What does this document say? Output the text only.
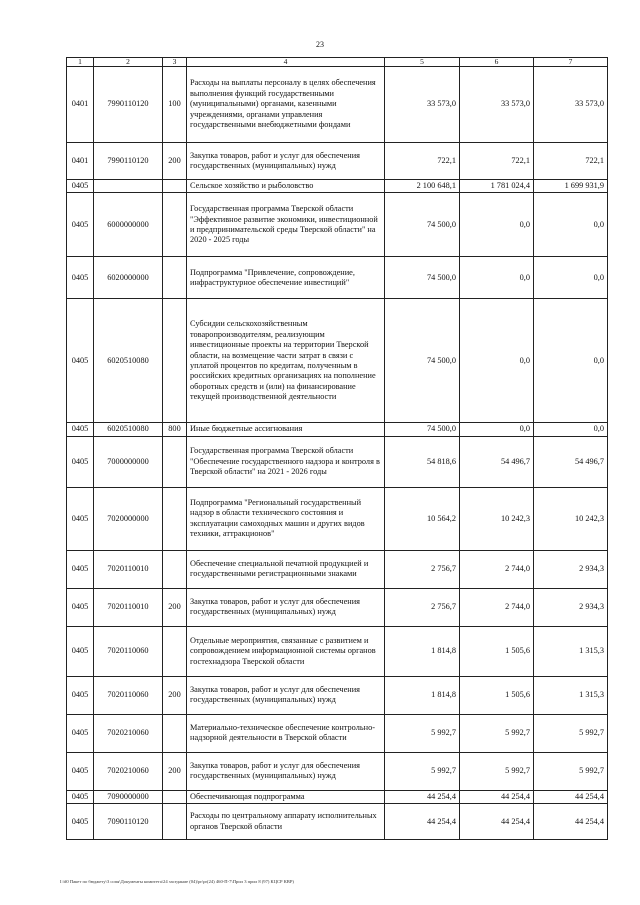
23
1	2	3	4	5	6	7
0401	7990110120	100	Расходы на выплаты персоналу в целях обеспечения выполнения функций государственными (муниципальными) органами, казенными учреждениями, органами управления государственными внебюджетными фондами	33 573,0	33 573,0	33 573,0
0401	7990110120	200	Закупка товаров, работ и услуг для обеспечения государственных (муниципальных) нужд	722,1	722,1	722,1
0405			Сельское хозяйство и рыболовство	2 100 648,1	1 781 024,4	1 699 931,9
0405	6000000000		Государственная программа Тверской области "Эффективное развитие экономики, инвестиционной и предпринимательской среды Тверской области" на 2020 - 2025 годы	74 500,0	0,0	0,0
0405	6020000000		Подпрограмма "Привлечение, сопровождение, инфраструктурное обеспечение инвестиций"	74 500,0	0,0	0,0
0405	6020510080		Субсидии сельскохозяйственным товаропроизводителям, реализующим инвестиционные проекты на территории Тверской области, на возмещение части затрат в связи с уплатой процентов по кредитам, полученным в российских кредитных организациях на пополнение оборотных средств и (или) на финансирование текущей производственной деятельности	74 500,0	0,0	0,0
0405	6020510080	800	Иные бюджетные ассигнования	74 500,0	0,0	0,0
0405	7000000000		Государственная программа Тверской области "Обеспечение государственного надзора и контроля в Тверской области" на 2021 - 2026 годы	54 818,6	54 496,7	54 496,7
0405	7020000000		Подпрограмма "Региональный государственный надзор в области технического состояния и эксплуатации самоходных машин и других видов техники, аттракционов"	10 564,2	10 242,3	10 242,3
0405	7020110010		Обеспечение специальной печатной продукцией и государственными регистрационными знаками	2 756,7	2 744,0	2 934,3
0405	7020110010	200	Закупка товаров, работ и услуг для обеспечения государственных (муниципальных) нужд	2 756,7	2 744,0	2 934,3
0405	7020110060		Отдельные мероприятия, связанные с развитием и сопровождением информационной системы органов гостехнадзора Тверской области	1 814,8	1 505,6	1 315,3
0405	7020110060	200	Закупка товаров, работ и услуг для обеспечения государственных (муниципальных) нужд	1 814,8	1 505,6	1 315,3
0405	7020210060		Материально-техническое обеспечение контрольно-надзорной деятельности в Тверской области	5 992,7	5 992,7	5 992,7
0405	7020210060	200	Закупка товаров, работ и услуг для обеспечения государственных (муниципальных) нужд	5 992,7	5 992,7	5 992,7
0405	7090000000		Обеспечивающая подпрограмма	44 254,4	44 254,4	44 254,4
0405	7090110120		Расходы по центральному аппарату исполнительных органов Тверской области	44 254,4	44 254,4	44 254,4
I:\#0 Пакет по бюджету\3 сопя\Документы комитета\24 заседание (04)\pr\pr(24) 460-П-7\Прил 3 прил 8 (97) КЦСР КВР)
